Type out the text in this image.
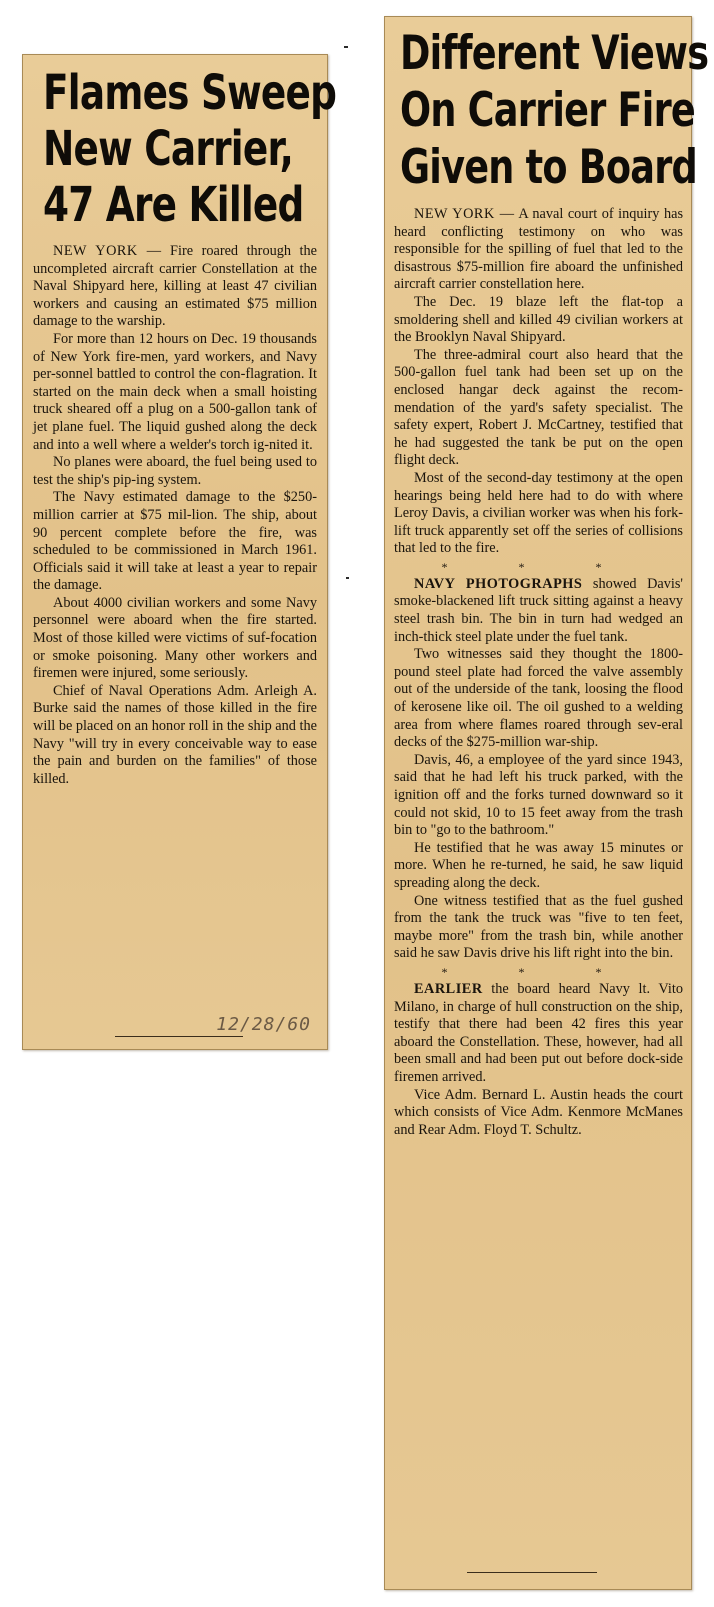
Flames Sweep
New Carrier,
47 Are Killed

NEW YORK — Fire roared through the uncompleted aircraft carrier Constellation at the Naval Shipyard here, killing at least 47 civilian workers and causing an estimated $75 million damage to the warship.

For more than 12 hours on Dec. 19 thousands of New York fire-men, yard workers, and Navy per-sonnel battled to control the con-flagration. It started on the main deck when a small hoisting truck sheared off a plug on a 500-gallon tank of jet plane fuel. The liquid gushed along the deck and into a well where a welder's torch ig-nited it.

No planes were aboard, the fuel being used to test the ship's pip-ing system.

The Navy estimated damage to the $250-million carrier at $75 mil-lion. The ship, about 90 percent complete before the fire, was scheduled to be commissioned in March 1961. Officials said it will take at least a year to repair the damage.

About 4000 civilian workers and some Navy personnel were aboard when the fire started. Most of those killed were victims of suf-focation or smoke poisoning. Many other workers and firemen were injured, some seriously.

Chief of Naval Operations Adm. Arleigh A. Burke said the names of those killed in the fire will be placed on an honor roll in the ship and the Navy "will try in every conceivable way to ease the pain and burden on the families" of those killed.

12/28/60
Different Views
On Carrier Fire
Given to Board

NEW YORK — A naval court of inquiry has heard conflicting testimony on who was responsible for the spilling of fuel that led to the disastrous $75-million fire aboard the unfinished aircraft carrier constellation here.

The Dec. 19 blaze left the flat-top a smoldering shell and killed 49 civilian workers at the Brooklyn Naval Shipyard.

The three-admiral court also heard that the 500-gallon fuel tank had been set up on the enclosed hangar deck against the recom-mendation of the yard's safety specialist. The safety expert, Robert J. McCartney, testified that he had suggested the tank be put on the open flight deck.

Most of the second-day testimony at the open hearings being held here had to do with where Leroy Davis, a civilian worker was when his fork-lift truck apparently set off the series of collisions that led to the fire.

* * *

NAVY PHOTOGRAPHS showed Davis' smoke-blackened lift truck sitting against a heavy steel trash bin. The bin in turn had wedged an inch-thick steel plate under the fuel tank.

Two witnesses said they thought the 1800-pound steel plate had forced the valve assembly out of the underside of the tank, loosing the flood of kerosene like oil. The oil gushed to a welding area from where flames roared through sev-eral decks of the $275-million war-ship.

Davis, 46, a employee of the yard since 1943, said that he had left his truck parked, with the ignition off and the forks turned downward so it could not skid, 10 to 15 feet away from the trash bin to "go to the bathroom."

He testified that he was away 15 minutes or more. When he re-turned, he said, he saw liquid spreading along the deck.

One witness testified that as the fuel gushed from the tank the truck was "five to ten feet, maybe more" from the trash bin, while another said he saw Davis drive his lift right into the bin.

* * *

EARLIER the board heard Navy lt. Vito Milano, in charge of hull construction on the ship, testify that there had been 42 fires this year aboard the Constellation. These, however, had all been small and had been put out before dock-side firemen arrived.

Vice Adm. Bernard L. Austin heads the court which consists of Vice Adm. Kenmore McManes and Rear Adm. Floyd T. Schultz.
